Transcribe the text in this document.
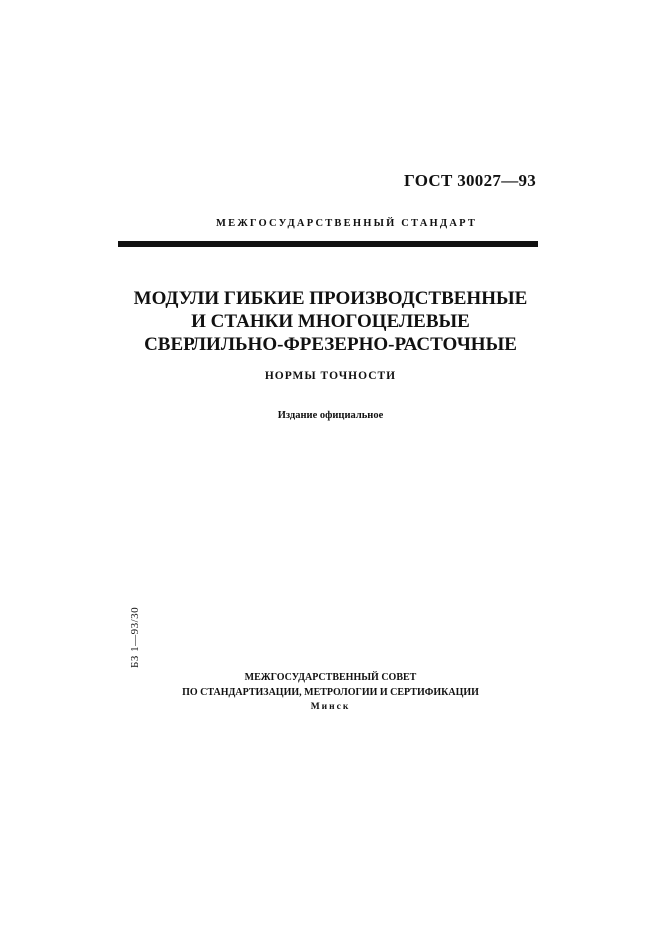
ГОСТ 30027—93
МЕЖГОСУДАРСТВЕННЫЙ СТАНДАРТ
МОДУЛИ ГИБКИЕ ПРОИЗВОДСТВЕННЫЕ
И СТАНКИ МНОГОЦЕЛЕВЫЕ
СВЕРЛИЛЬНО-ФРЕЗЕРНО-РАСТОЧНЫЕ
НОРМЫ ТОЧНОСТИ
Издание официальное
БЗ 1—93/30
МЕЖГОСУДАРСТВЕННЫЙ СОВЕТ
ПО СТАНДАРТИЗАЦИИ, МЕТРОЛОГИИ И СЕРТИФИКАЦИИ
Минск
